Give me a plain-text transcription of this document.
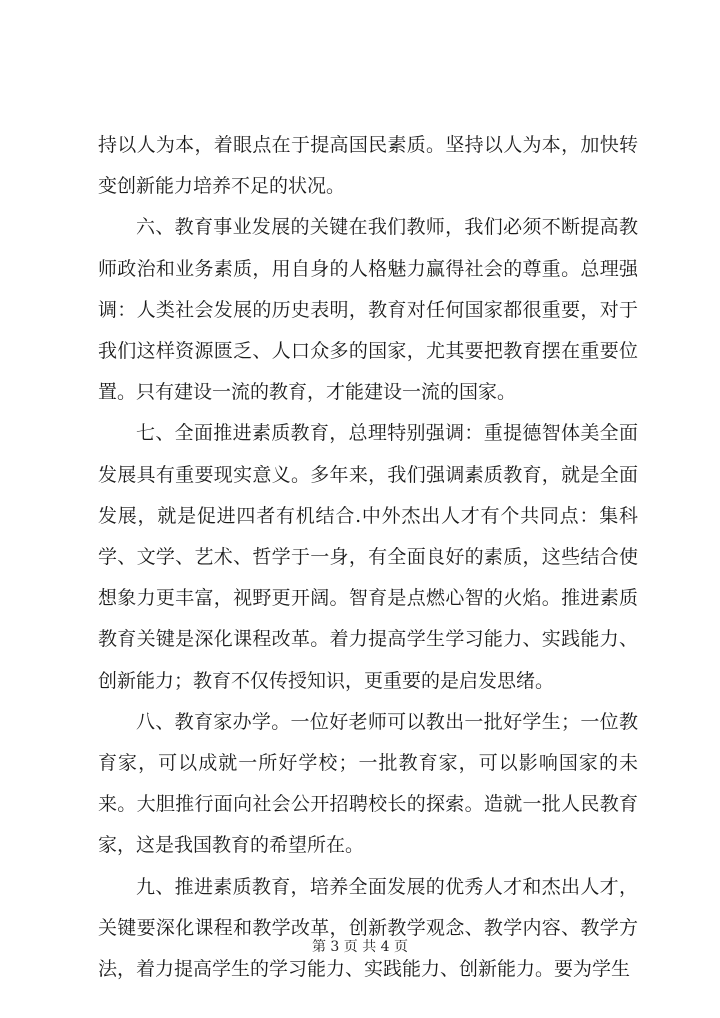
持以人为本，着眼点在于提高国民素质。坚持以人为本，加快转变创新能力培养不足的状况。

六、教育事业发展的关键在我们教师，我们必须不断提高教师政治和业务素质，用自身的人格魅力赢得社会的尊重。总理强调：人类社会发展的历史表明，教育对任何国家都很重要，对于我们这样资源匮乏、人口众多的国家，尤其要把教育摆在重要位置。只有建设一流的教育，才能建设一流的国家。

七、全面推进素质教育，总理特别强调：重提德智体美全面发展具有重要现实意义。多年来，我们强调素质教育，就是全面发展，就是促进四者有机结合.中外杰出人才有个共同点：集科学、文学、艺术、哲学于一身，有全面良好的素质，这些结合使想象力更丰富，视野更开阔。智育是点燃心智的火焰。推进素质教育关键是深化课程改革。着力提高学生学习能力、实践能力、创新能力；教育不仅传授知识，更重要的是启发思绪。

八、教育家办学。一位好老师可以教出一批好学生；一位教育家，可以成就一所好学校；一批教育家，可以影响国家的未来。大胆推行面向社会公开招聘校长的探索。造就一批人民教育家，这是我国教育的希望所在。

九、推进素质教育，培养全面发展的优秀人才和杰出人才，关键要深化课程和教学改革，创新教学观念、教学内容、教学方法，着力提高学生的学习能力、实践能力、创新能力。要为学生

第 3 页 共 4 页
